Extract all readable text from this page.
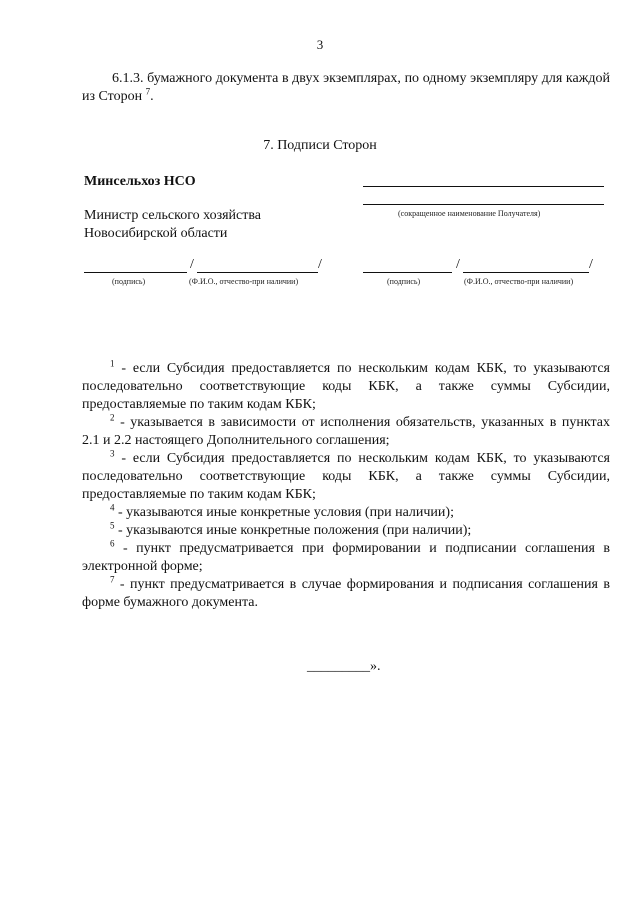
3
6.1.3. бумажного документа в двух экземплярах, по одному экземпляру для каждой из Сторон $^7$.
7. Подписи Сторон
Минсельхоз НСО
Министр сельского хозяйства
Новосибирской области
(сокращенное наименование Получателя)
/	/
(подпись)	(Ф.И.О., отчество-при наличии)
/	/
(подпись)	(Ф.И.О., отчество-при наличии)
$^1$ - если Субсидия предоставляется по нескольким кодам КБК, то указываются последовательно соответствующие коды КБК, а также суммы Субсидии, предоставляемые по таким кодам КБК;
$^2$ - указывается в зависимости от исполнения обязательств, указанных в пунктах 2.1 и 2.2 настоящего Дополнительного соглашения;
$^3$ - если Субсидия предоставляется по нескольким кодам КБК, то указываются последовательно соответствующие коды КБК, а также суммы Субсидии, предоставляемые по таким кодам КБК;
$^4$ - указываются иные конкретные условия (при наличии);
$^5$ - указываются иные конкретные положения (при наличии);
$^6$ - пункт предусматривается при формировании и подписании соглашения в электронной форме;
$^7$ - пункт предусматривается в случае формирования и подписания соглашения в форме бумажного документа.
_________».
